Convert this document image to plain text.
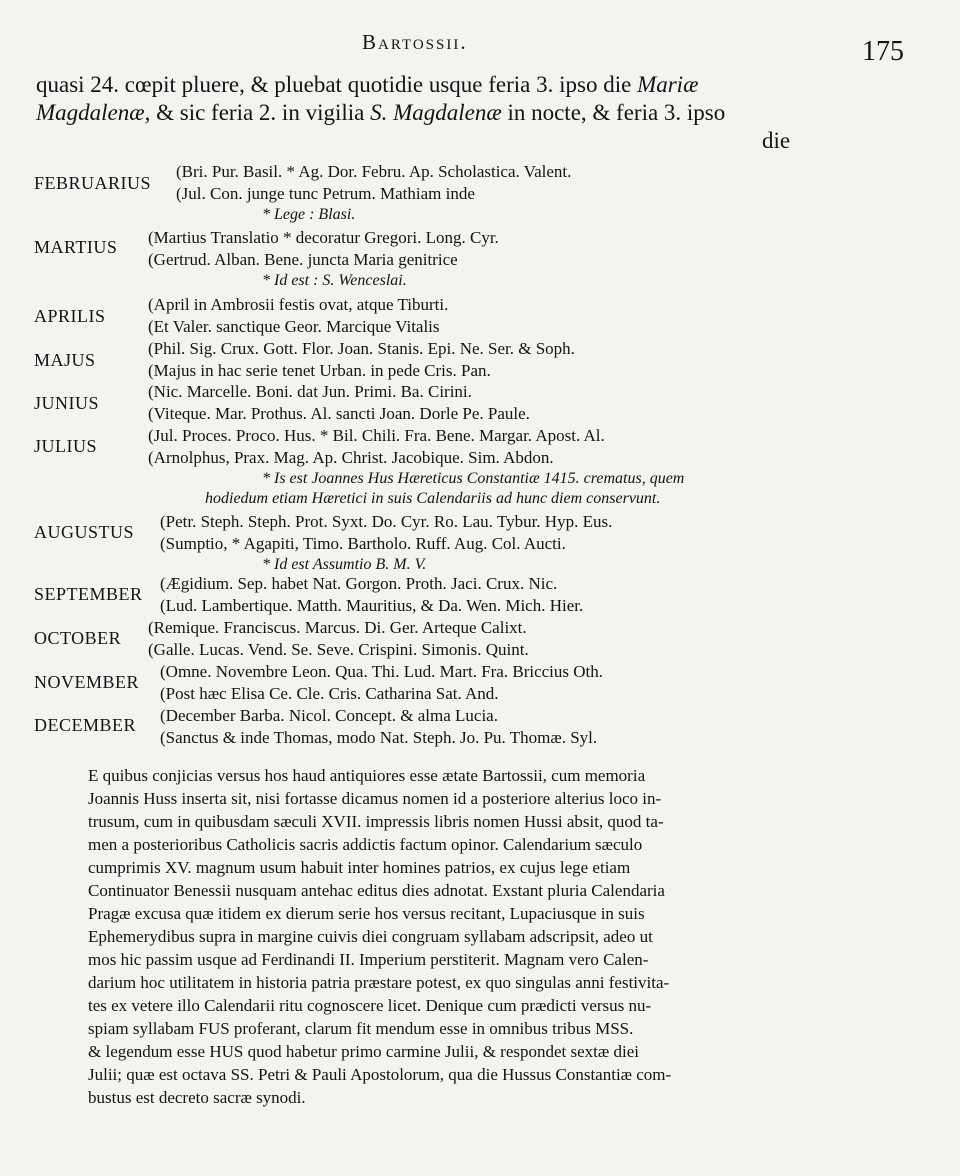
Bartossii.	175
quasi 24. cœpit pluere, & pluebat quotidie usque feria 3. ipso die Mariæ
Magdalenæ, & sic feria 2. in vigilia S. Magdalenæ in nocte, & feria 3. ipso
die
FEBRUARIUS
(Bri. Pur. Basil. * Ag. Dor. Febru. Ap. Scholastica. Valent.
(Jul. Con. junge tunc Petrum. Mathiam inde
* Lege : Blasi.
MARTIUS (Martius Translatio * decoratur Gregori. Long. Cyr.
(Gertrud. Alban. Bene. juncta Maria genitrice
* Id est : S. Wenceslai.
APRILIS
(April in Ambrosii festis ovat, atque Tiburti.
(Et Valer. sanctique Geor. Marcique Vitalis
MAJUS
(Phil. Sig. Crux. Gott. Flor. Joan. Stanis. Epi. Ne. Ser. & Soph.
(Majus in hac serie tenet Urban. in pede Cris. Pan.
JUNIUS
(Nic. Marcelle. Boni. dat Jun. Primi. Ba. Cirini.
(Viteque. Mar. Prothus. Al. sancti Joan. Dorle Pe. Paule.
JULIUS
(Jul. Proces. Proco. Hus. * Bil. Chili. Fra. Bene. Margar. Apost. Al.
(Arnolphus, Prax. Mag. Ap. Christ. Jacobique. Sim. Abdon.
* Is est Joannes Hus Hæreticus Constantiæ 1415. crematus, quem
hodiedum etiam Hæretici in suis Calendariis ad hunc diem conservunt.
AUGUSTUS
(Petr. Steph. Steph. Prot. Syxt. Do. Cyr. Ro. Lau. Tybur. Hyp. Eus.
(Sumptio, * Agapiti, Timo. Bartholo. Ruff. Aug. Col. Aucti.
* Id est Assumtio B. M. V.
SEPTEMBER
(Ægidium. Sep. habet Nat. Gorgon. Proth. Jaci. Crux. Nic.
(Lud. Lambertique. Matth. Mauritius, & Da. Wen. Mich. Hier.
OCTOBER
(Remique. Franciscus. Marcus. Di. Ger. Arteque Calixt.
(Galle. Lucas. Vend. Se. Seve. Crispini. Simonis. Quint.
NOVEMBER
(Omne. Novembre Leon. Qua. Thi. Lud. Mart. Fra. Briccius Oth.
(Post hæc Elisa Ce. Cle. Cris. Catharina Sat. And.
DECEMBER (December Barba. Nicol. Concept. & alma Lucia.
(Sanctus & inde Thomas, modo Nat. Steph. Jo. Pu. Thomæ. Syl.
E quibus conjicias versus hos haud antiquiores esse ætate Bartossii, cum memoria
Joannis Huss inserta sit, nisi fortasse dicamus nomen id a posteriore alterius loco in-
trusum, cum in quibusdam sæculi XVII. impressis libris nomen Hussi absit, quod ta-
men a posterioribus Catholicis sacris addictis factum opinor. Calendarium sæculo
cumprimis XV. magnum usum habuit inter homines patrios, ex cujus lege etiam
Continuator Benessii nusquam antehac editus dies adnotat. Exstant pluria Calendaria
Pragæ excusa quæ itidem ex dierum serie hos versus recitant, Lupaciusque in suis
Ephemerydibus supra in margine cuivis diei congruam syllabam adscripsit, adeo ut
mos hic passim usque ad Ferdinandi II. Imperium perstiterit. Magnam vero Calen-
darium hoc utilitatem in historia patria præstare potest, ex quo singulas anni festivita-
tes ex vetere illo Calendarii ritu cognoscere licet. Denique cum prædicti versus nu-
spiam syllabam FUS proferant, clarum fit mendum esse in omnibus tribus MSS.
& legendum esse HUS quod habetur primo carmine Julii, & respondet sextæ diei
Julii; quæ est octava SS. Petri & Pauli Apostolorum, qua die Hussus Constantiæ com-
bustus est decreto sacræ synodi.
